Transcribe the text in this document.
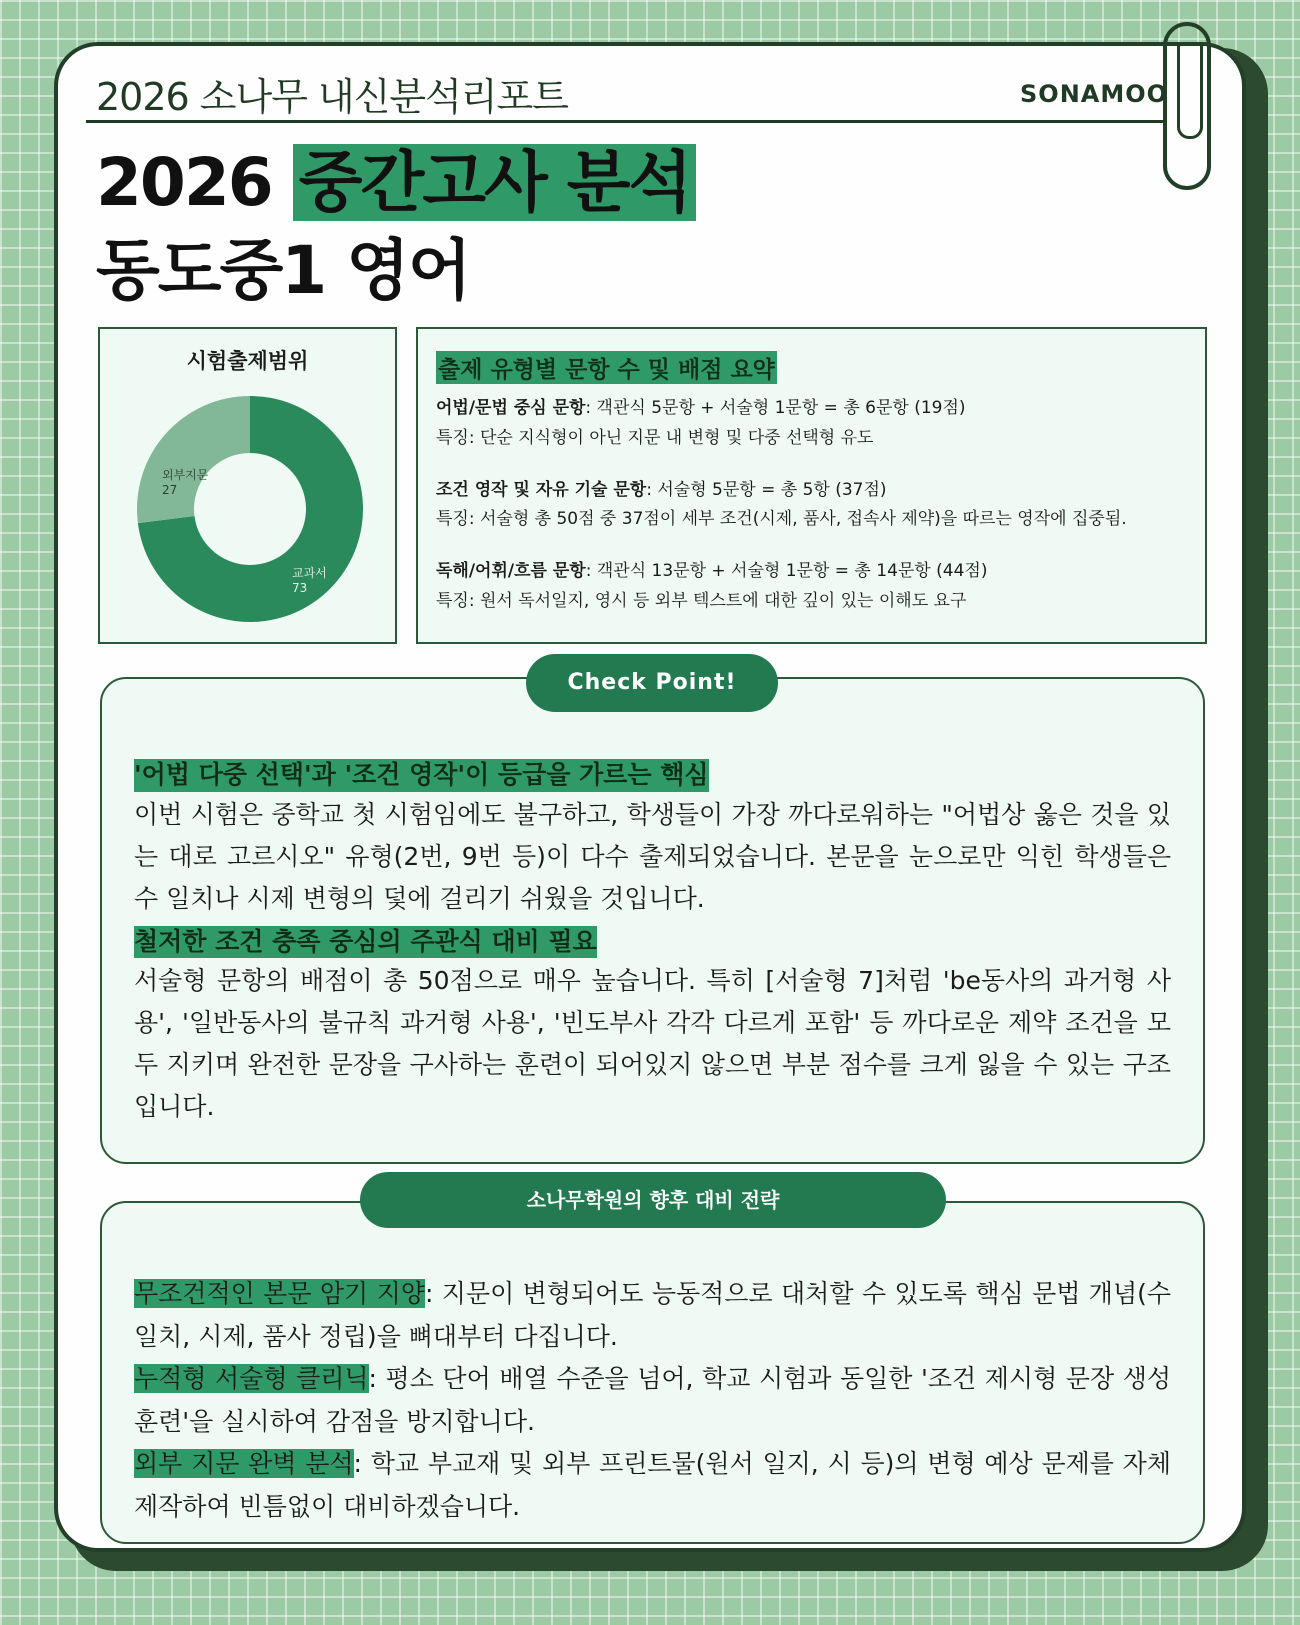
2026 소나무 내신분석리포트	SONAMOO
2026 중간고사 분석
동도중1 영어
시험출제범위
외부지문
27
교과서
73
출제 유형별 문항 수 및 배점 요약
어법/문법 중심 문항: 객관식 5문항 + 서술형 1문항 = 총 6문항 (19점)
특징: 단순 지식형이 아닌 지문 내 변형 및 다중 선택형 유도
조건 영작 및 자유 기술 문항: 서술형 5문항 = 총 5항 (37점)
특징: 서술형 총 50점 중 37점이 세부 조건(시제, 품사, 접속사 제약)을 따르는 영작에 집중됨.
독해/어휘/흐름 문항: 객관식 13문항 + 서술형 1문항 = 총 14문항 (44점)
특징: 원서 독서일지, 영시 등 외부 텍스트에 대한 깊이 있는 이해도 요구
'어법 다중 선택'과 '조건 영작'이 등급을 가르는 핵심
이번 시험은 중학교 첫 시험임에도 불구하고, 학생들이 가장 까다로워하는 "어법상 옳은 것을 있는 대로 고르시오" 유형(2번, 9번 등)이 다수 출제되었습니다. 본문을 눈으로만 익힌 학생들은 수 일치나 시제 변형의 덫에 걸리기 쉬웠을 것입니다.
철저한 조건 충족 중심의 주관식 대비 필요
서술형 문항의 배점이 총 50점으로 매우 높습니다. 특히 [서술형 7]처럼 'be동사의 과거형 사용', '일반동사의 불규칙 과거형 사용', '빈도부사 각각 다르게 포함' 등 까다로운 제약 조건을 모두 지키며 완전한 문장을 구사하는 훈련이 되어있지 않으면 부분 점수를 크게 잃을 수 있는 구조입니다.
Check Point!
무조건적인 본문 암기 지양: 지문이 변형되어도 능동적으로 대처할 수 있도록 핵심 문법 개념(수 일치, 시제, 품사 정립)을 뼈대부터 다집니다.
누적형 서술형 클리닉: 평소 단어 배열 수준을 넘어, 학교 시험과 동일한 '조건 제시형 문장 생성 훈련'을 실시하여 감점을 방지합니다.
외부 지문 완벽 분석: 학교 부교재 및 외부 프린트물(원서 일지, 시 등)의 변형 예상 문제를 자체 제작하여 빈틈없이 대비하겠습니다.
소나무학원의 향후 대비 전략
